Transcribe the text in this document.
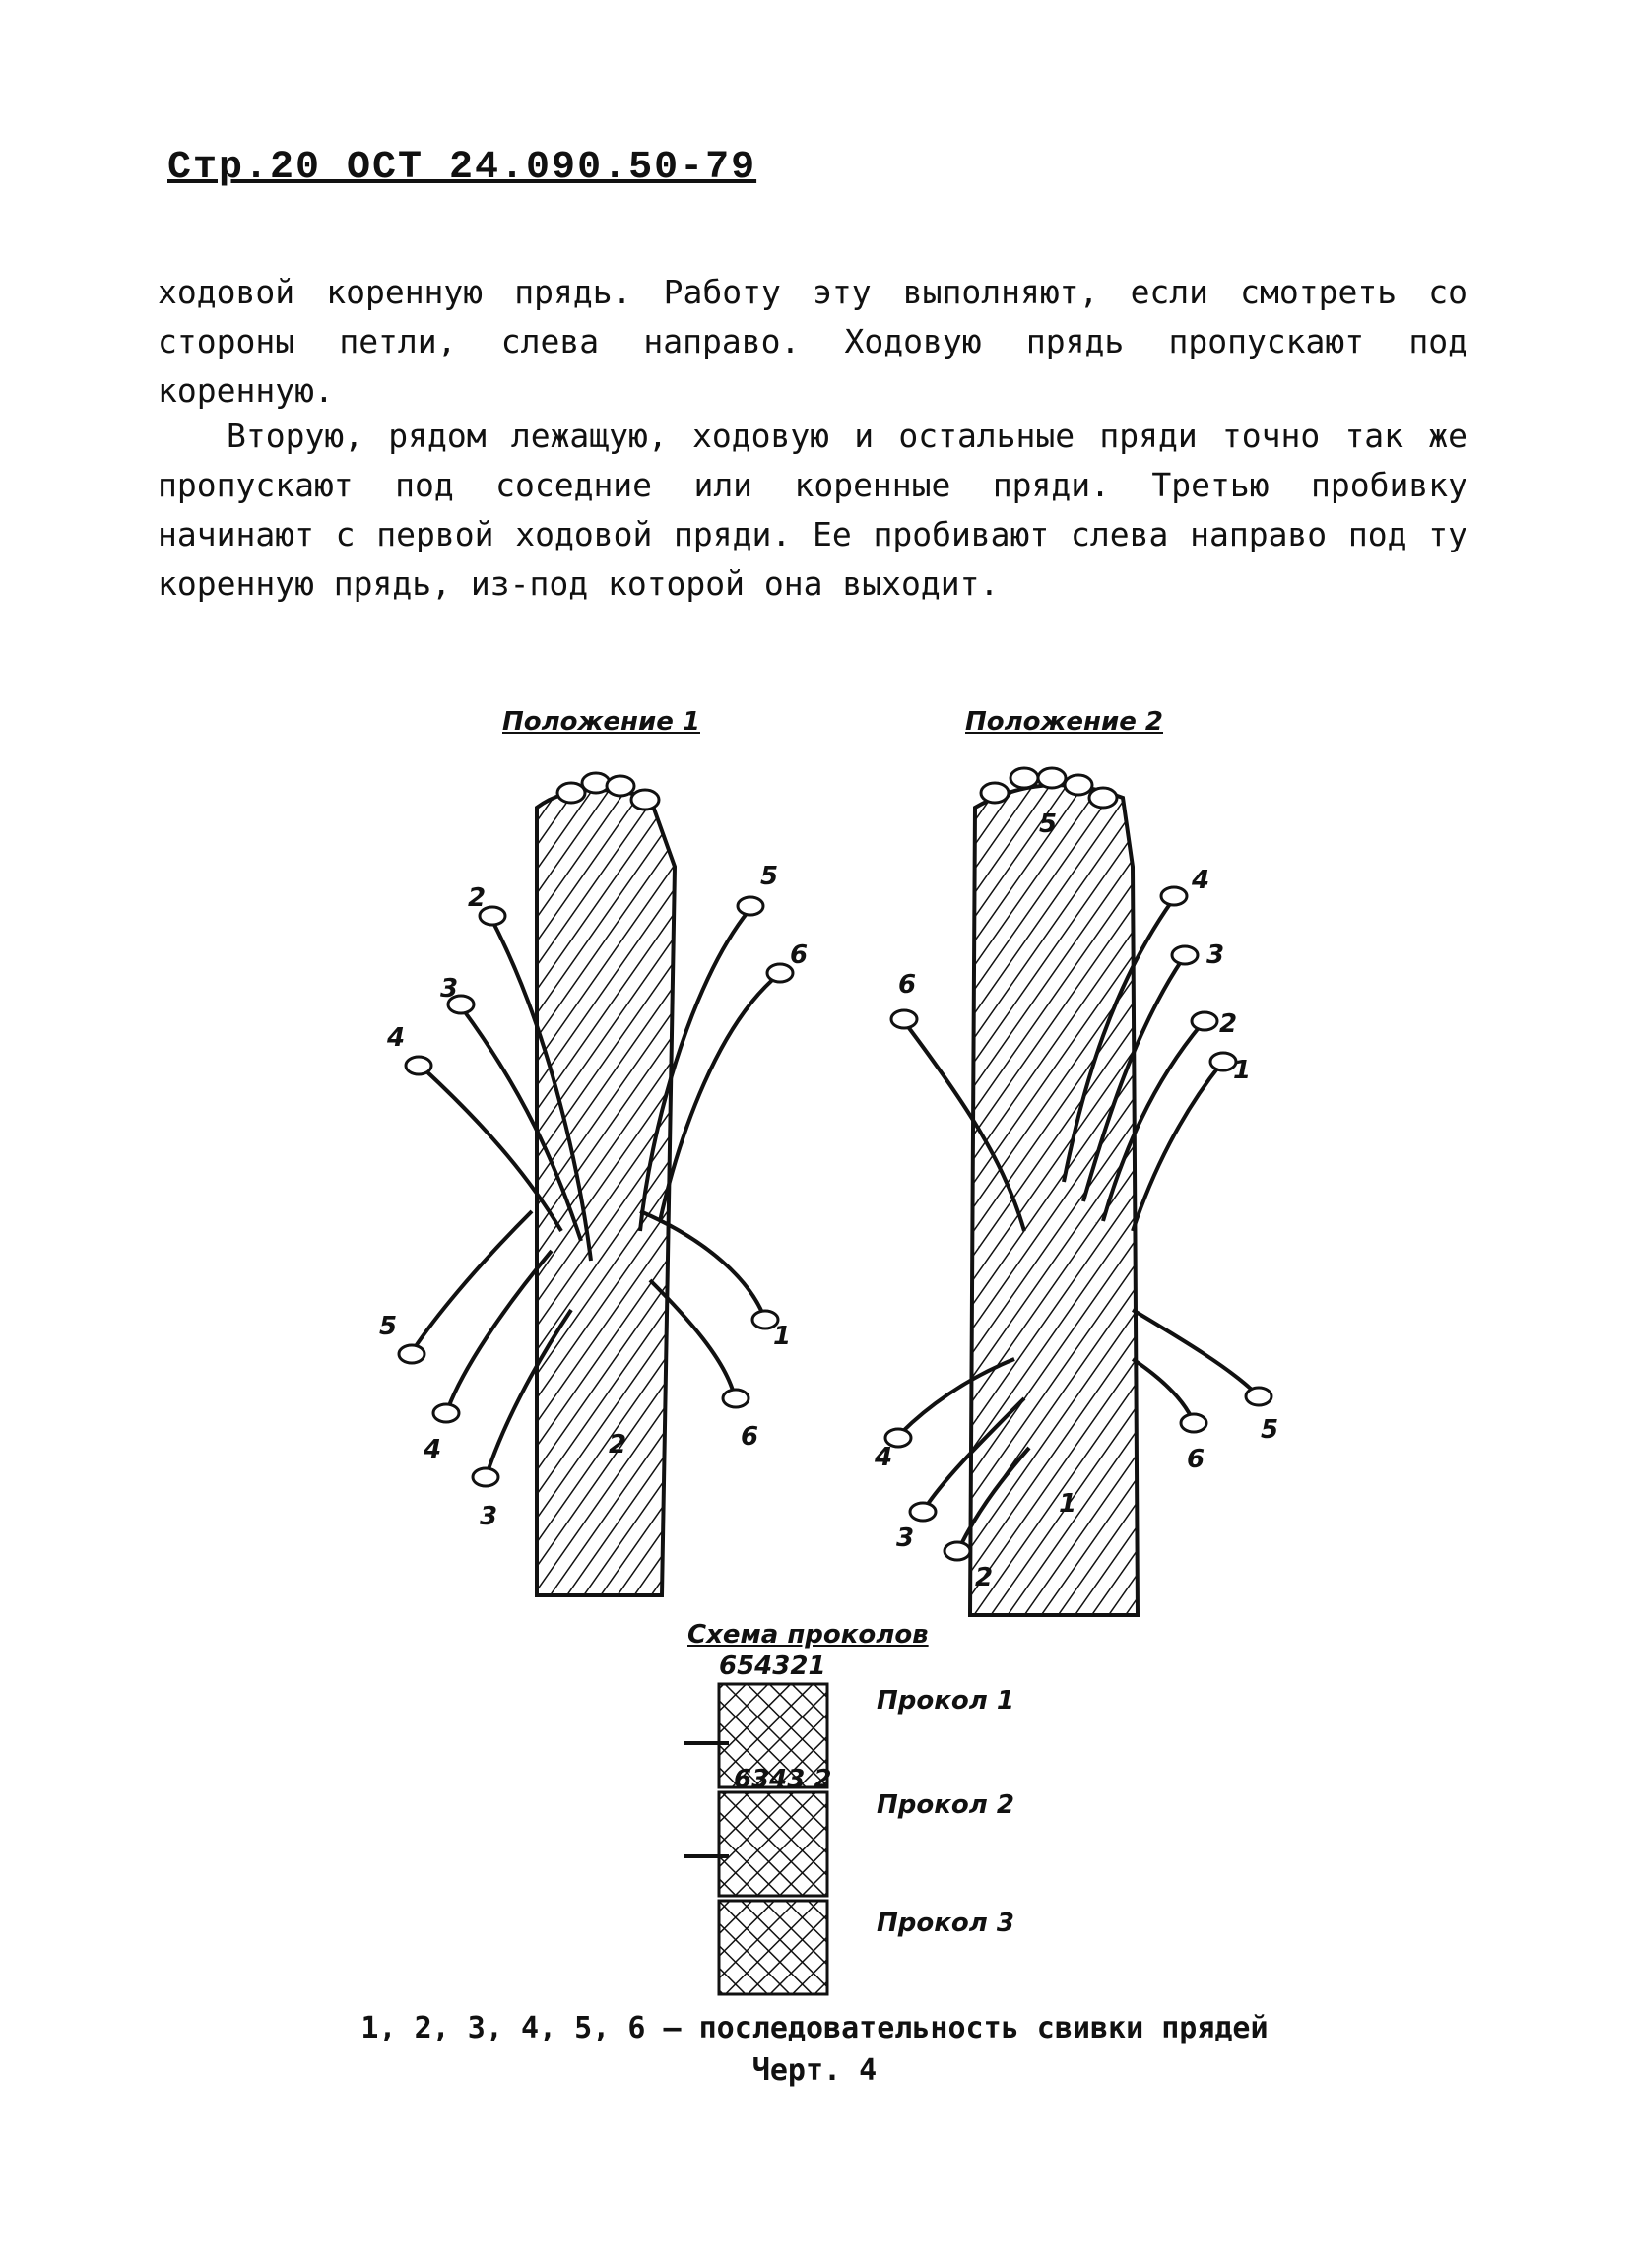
Стр.20 ОСТ 24.090.50-79

ходовой коренную прядь. Работу эту выполняют, если смотреть со стороны петли, слева направо. Ходовую прядь пропускают под коренную.

Вторую, рядом лежащую, ходовую и остальные пряди точно так же пропускают под соседние или коренные пряди. Третью пробивку начинают с первой ходовой пряди. Ее пробивают слева направо под ту коренную прядь, из-под которой она выходит.

Положение 1	Положение 2
Схема проколов
2
3
4
5
6
5
4
3
2	6
1
6
4
3
2
1
5
4
3
2
1
6
5
654321
6343 2
Прокол 1
Прокол 2
Прокол 3
1, 2, 3, 4, 5, 6 – последовательность свивки прядей
Черт. 4
